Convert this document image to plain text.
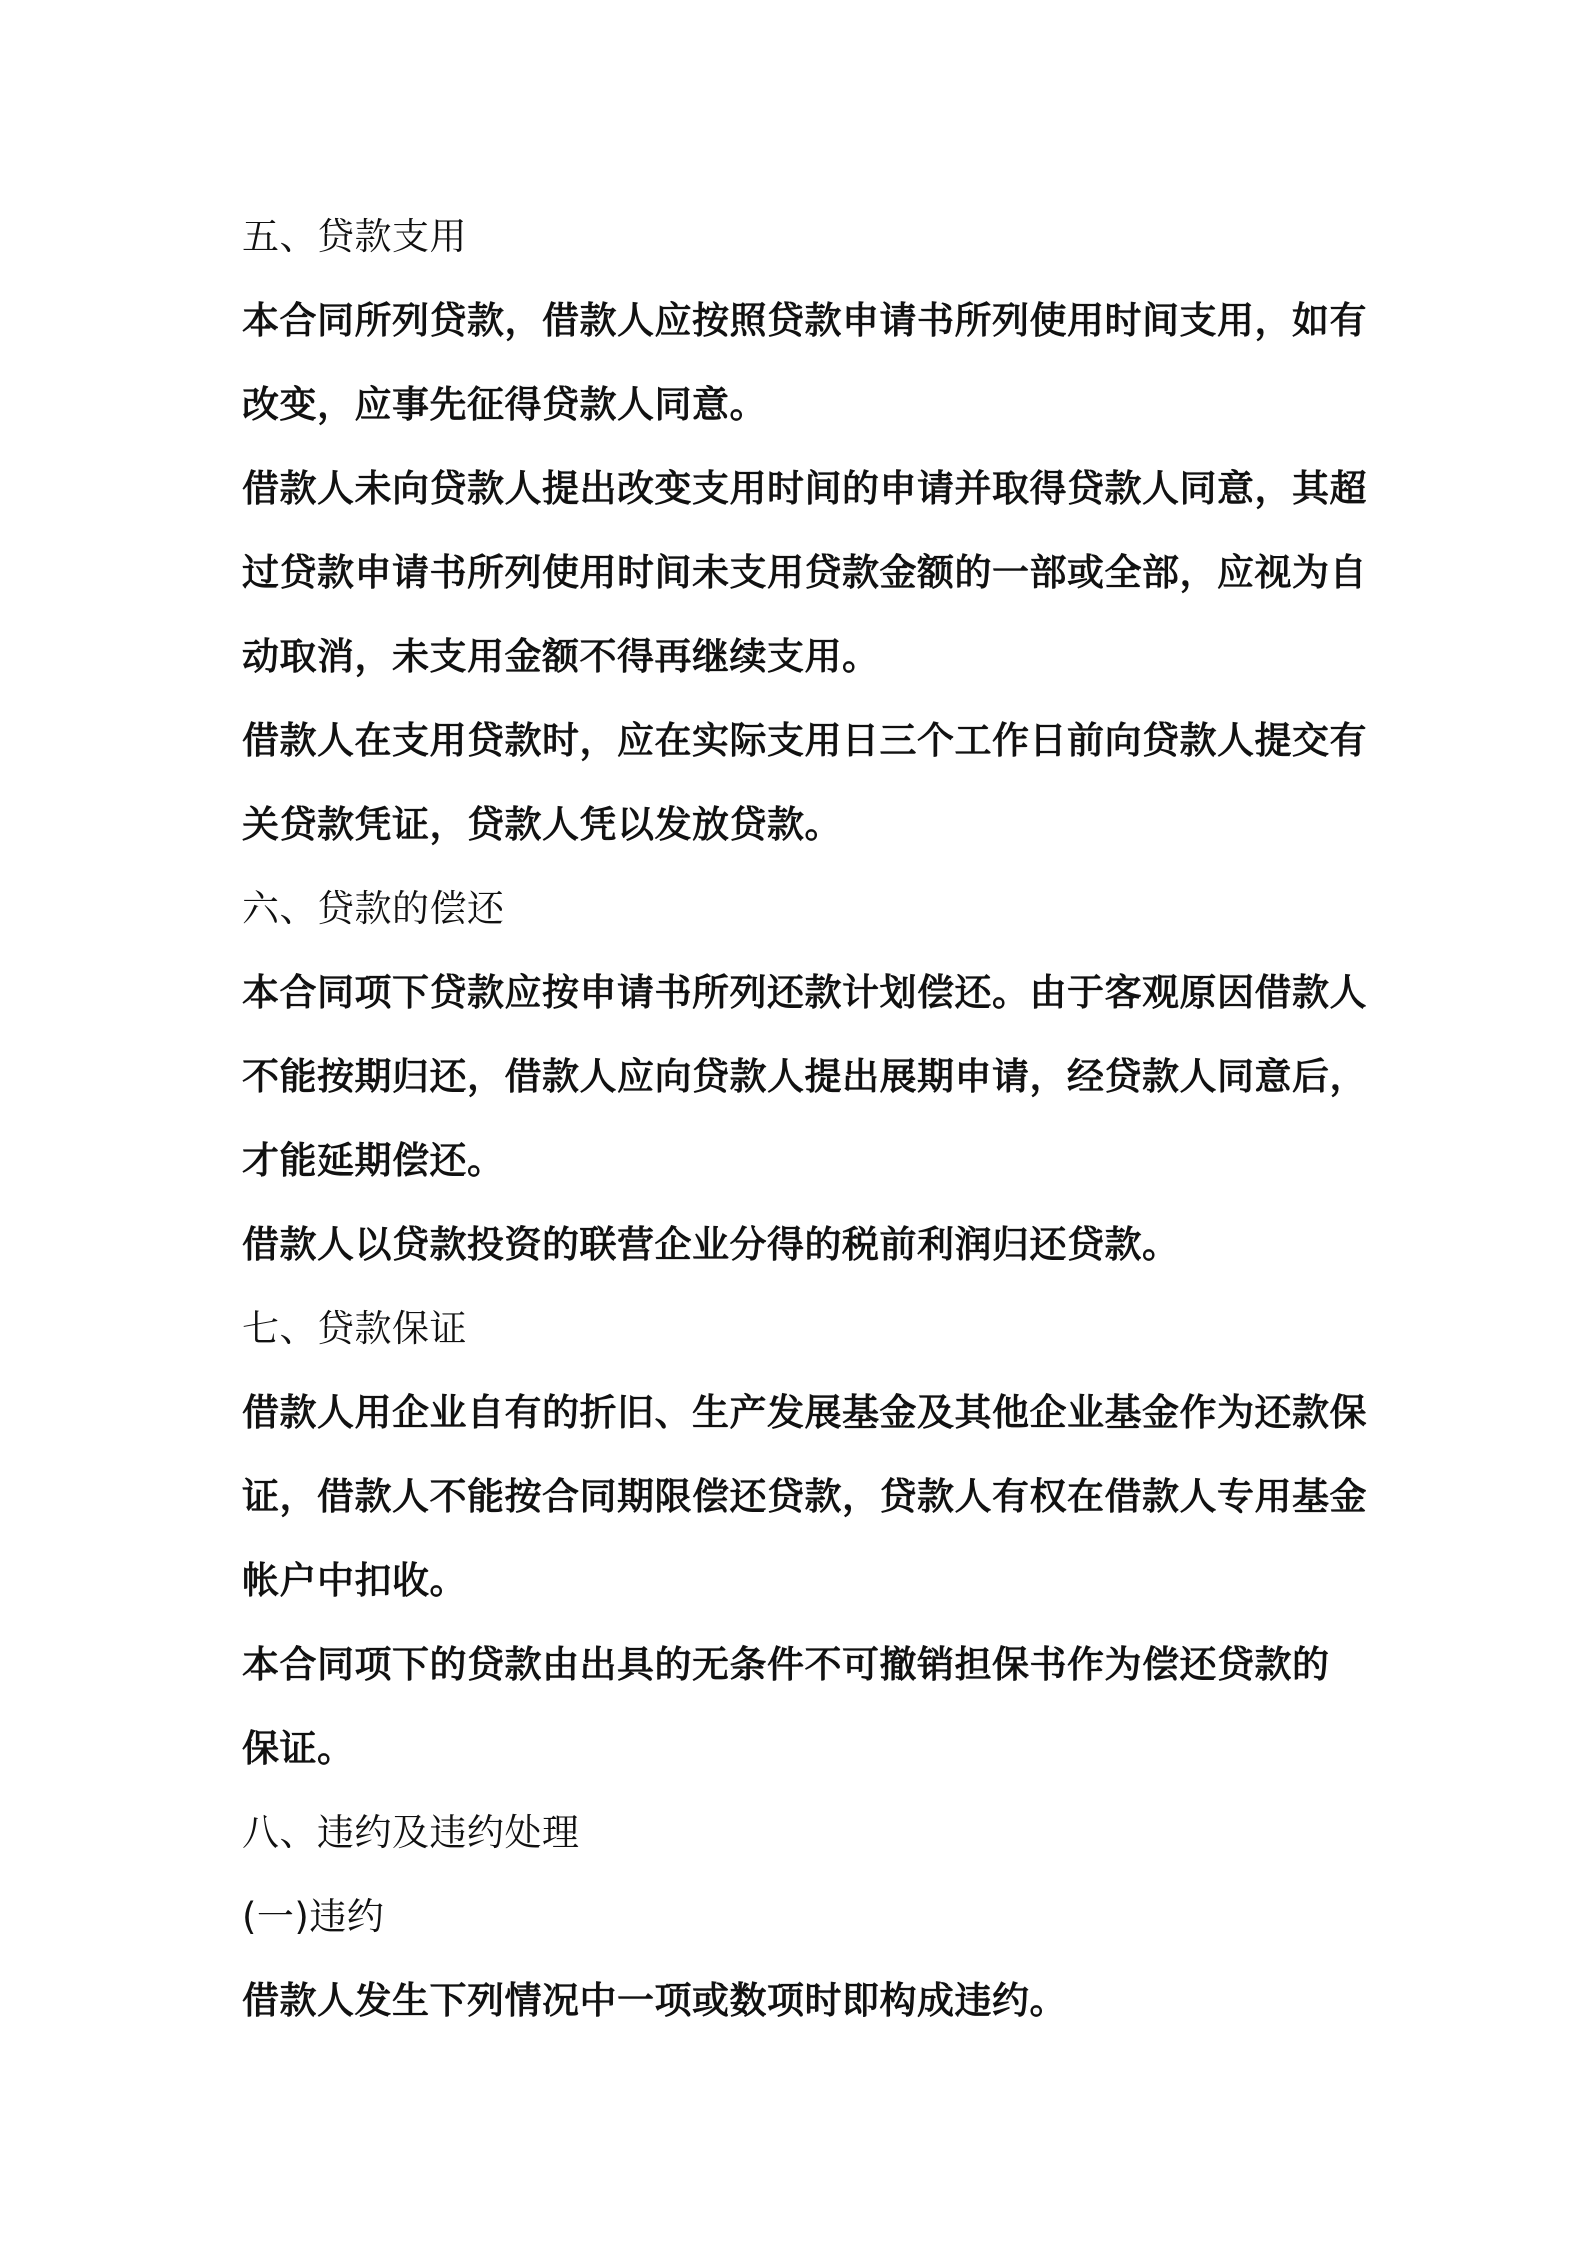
五、贷款支用
本合同所列贷款，借款人应按照贷款申请书所列使用时间支用，如有
改变，应事先征得贷款人同意。
借款人未向贷款人提出改变支用时间的申请并取得贷款人同意，其超
过贷款申请书所列使用时间未支用贷款金额的一部或全部，应视为自
动取消，未支用金额不得再继续支用。
借款人在支用贷款时，应在实际支用日三个工作日前向贷款人提交有
关贷款凭证，贷款人凭以发放贷款。
六、贷款的偿还
本合同项下贷款应按申请书所列还款计划偿还。由于客观原因借款人
不能按期归还，借款人应向贷款人提出展期申请，经贷款人同意后，
才能延期偿还。
借款人以贷款投资的联营企业分得的税前利润归还贷款。
七、贷款保证
借款人用企业自有的折旧、生产发展基金及其他企业基金作为还款保
证，借款人不能按合同期限偿还贷款，贷款人有权在借款人专用基金
帐户中扣收。
本合同项下的贷款由出具的无条件不可撤销担保书作为偿还贷款的
保证。
八、违约及违约处理
(一)违约
借款人发生下列情况中一项或数项时即构成违约。
